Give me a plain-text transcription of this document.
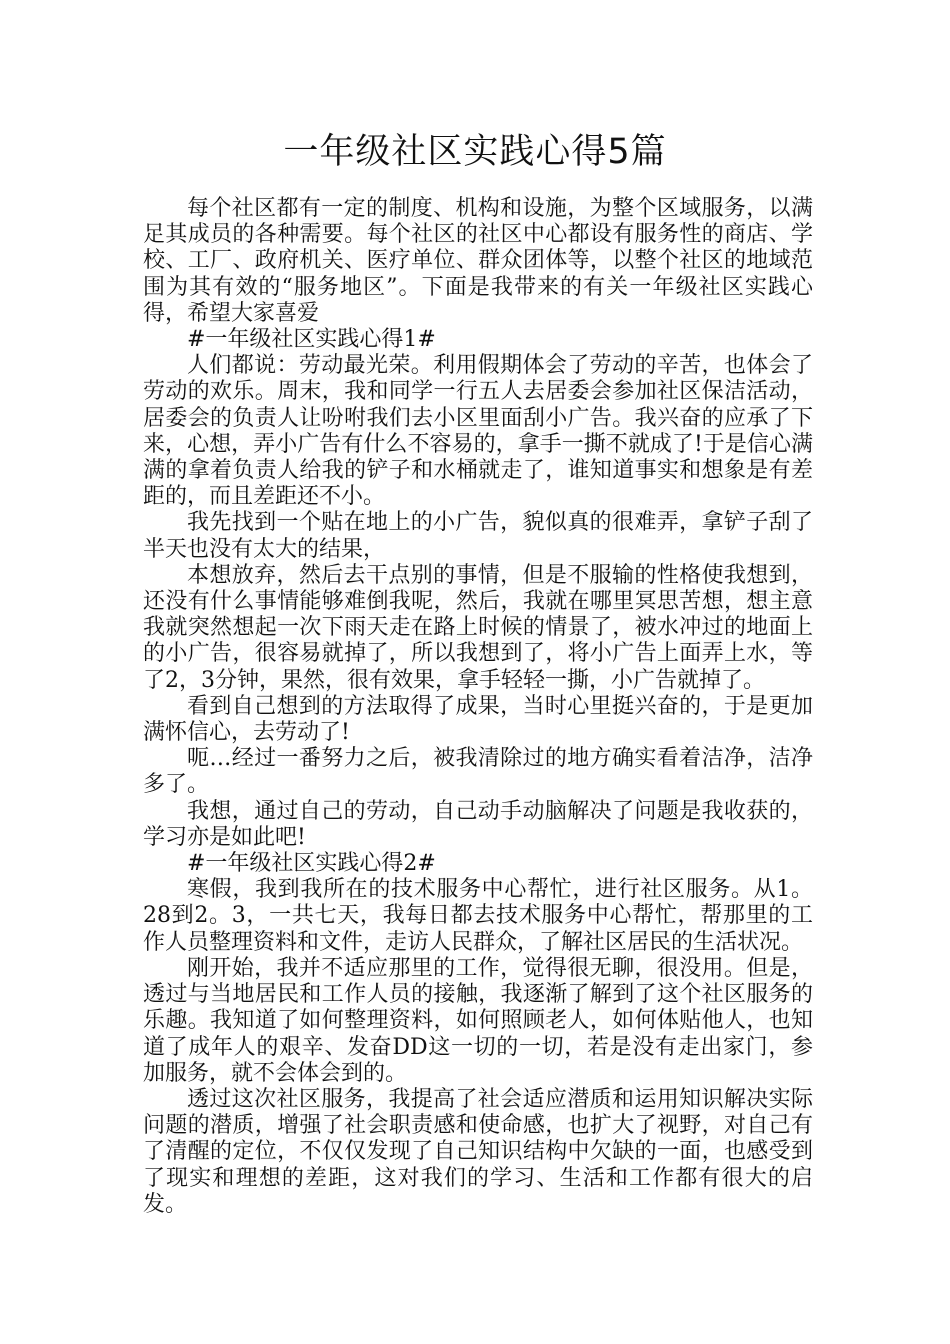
一年级社区实践心得5篇

每个社区都有一定的制度、机构和设施，为整个区域服务，以满足其成员的各种需要。每个社区的社区中心都设有服务性的商店、学校、工厂、政府机关、医疗单位、群众团体等，以整个社区的地域范围为其有效的“服务地区”。下面是我带来的有关一年级社区实践心得，希望大家喜爱

#一年级社区实践心得1#

人们都说：劳动最光荣。利用假期体会了劳动的辛苦，也体会了劳动的欢乐。周末，我和同学一行五人去居委会参加社区保洁活动，居委会的负责人让吩咐我们去小区里面刮小广告。我兴奋的应承了下来，心想，弄小广告有什么不容易的，拿手一撕不就成了!于是信心满满的拿着负责人给我的铲子和水桶就走了，谁知道事实和想象是有差距的，而且差距还不小。

我先找到一个贴在地上的小广告，貌似真的很难弄，拿铲子刮了半天也没有太大的结果，

本想放弃，然后去干点别的事情，但是不服输的性格使我想到，还没有什么事情能够难倒我呢，然后，我就在哪里冥思苦想，想主意我就突然想起一次下雨天走在路上时候的情景了，被水冲过的地面上的小广告，很容易就掉了，所以我想到了，将小广告上面弄上水，等了2，3分钟，果然，很有效果，拿手轻轻一撕，小广告就掉了。

看到自己想到的方法取得了成果，当时心里挺兴奋的，于是更加满怀信心，去劳动了!

呃…经过一番努力之后，被我清除过的地方确实看着洁净，洁净多了。

我想，通过自己的劳动，自己动手动脑解决了问题是我收获的，学习亦是如此吧!

#一年级社区实践心得2#

寒假，我到我所在的技术服务中心帮忙，进行社区服务。从1。28到2。3，一共七天，我每日都去技术服务中心帮忙，帮那里的工作人员整理资料和文件，走访人民群众，了解社区居民的生活状况。

刚开始，我并不适应那里的工作，觉得很无聊，很没用。但是，透过与当地居民和工作人员的接触，我逐渐了解到了这个社区服务的乐趣。我知道了如何整理资料，如何照顾老人，如何体贴他人，也知道了成年人的艰辛、发奋DD这一切的一切，若是没有走出家门，参加服务，就不会体会到的。

透过这次社区服务，我提高了社会适应潜质和运用知识解决实际问题的潜质，增强了社会职责感和使命感，也扩大了视野，对自己有了清醒的定位，不仅仅发现了自己知识结构中欠缺的一面，也感受到了现实和理想的差距，这对我们的学习、生活和工作都有很大的启发。
